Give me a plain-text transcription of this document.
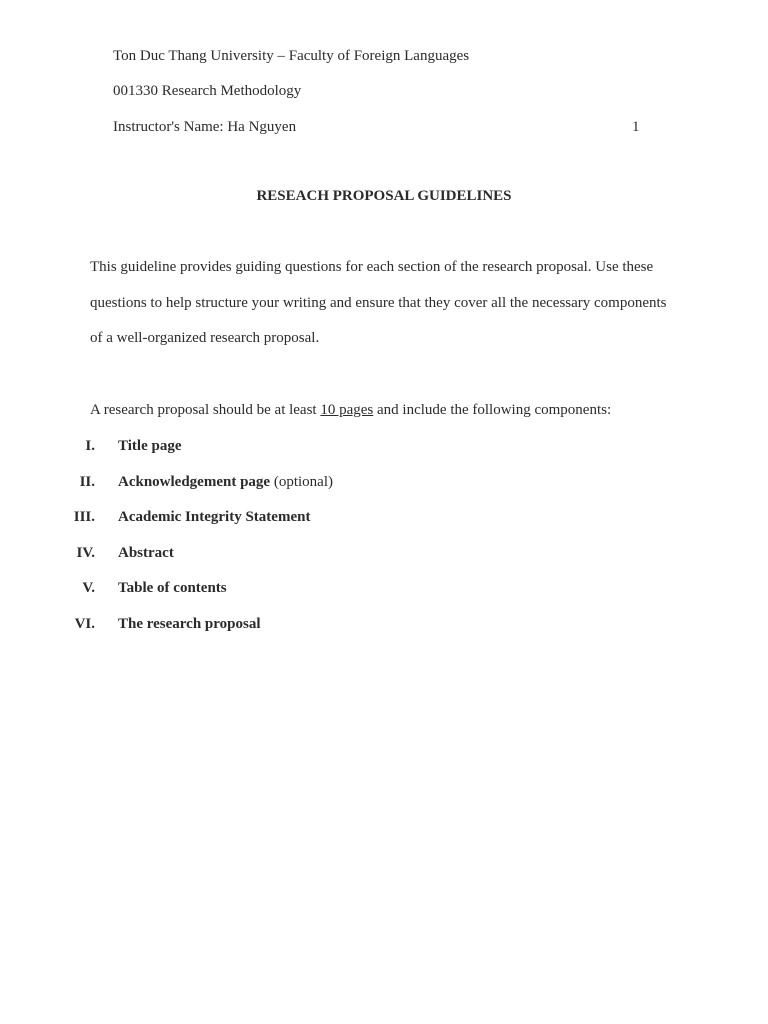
Ton Duc Thang University – Faculty of Foreign Languages
001330 Research Methodology
Instructor's Name: Ha Nguyen	1
RESEACH PROPOSAL GUIDELINES

This guideline provides guiding questions for each section of the research proposal. Use these

questions to help structure your writing and ensure that they cover all the necessary components

of a well-organized research proposal.

A research proposal should be at least 10 pages and include the following components:
I. Title page
II. Acknowledgement page (optional)
III. Academic Integrity Statement
IV. Abstract
V. Table of contents
VI. The research proposal
